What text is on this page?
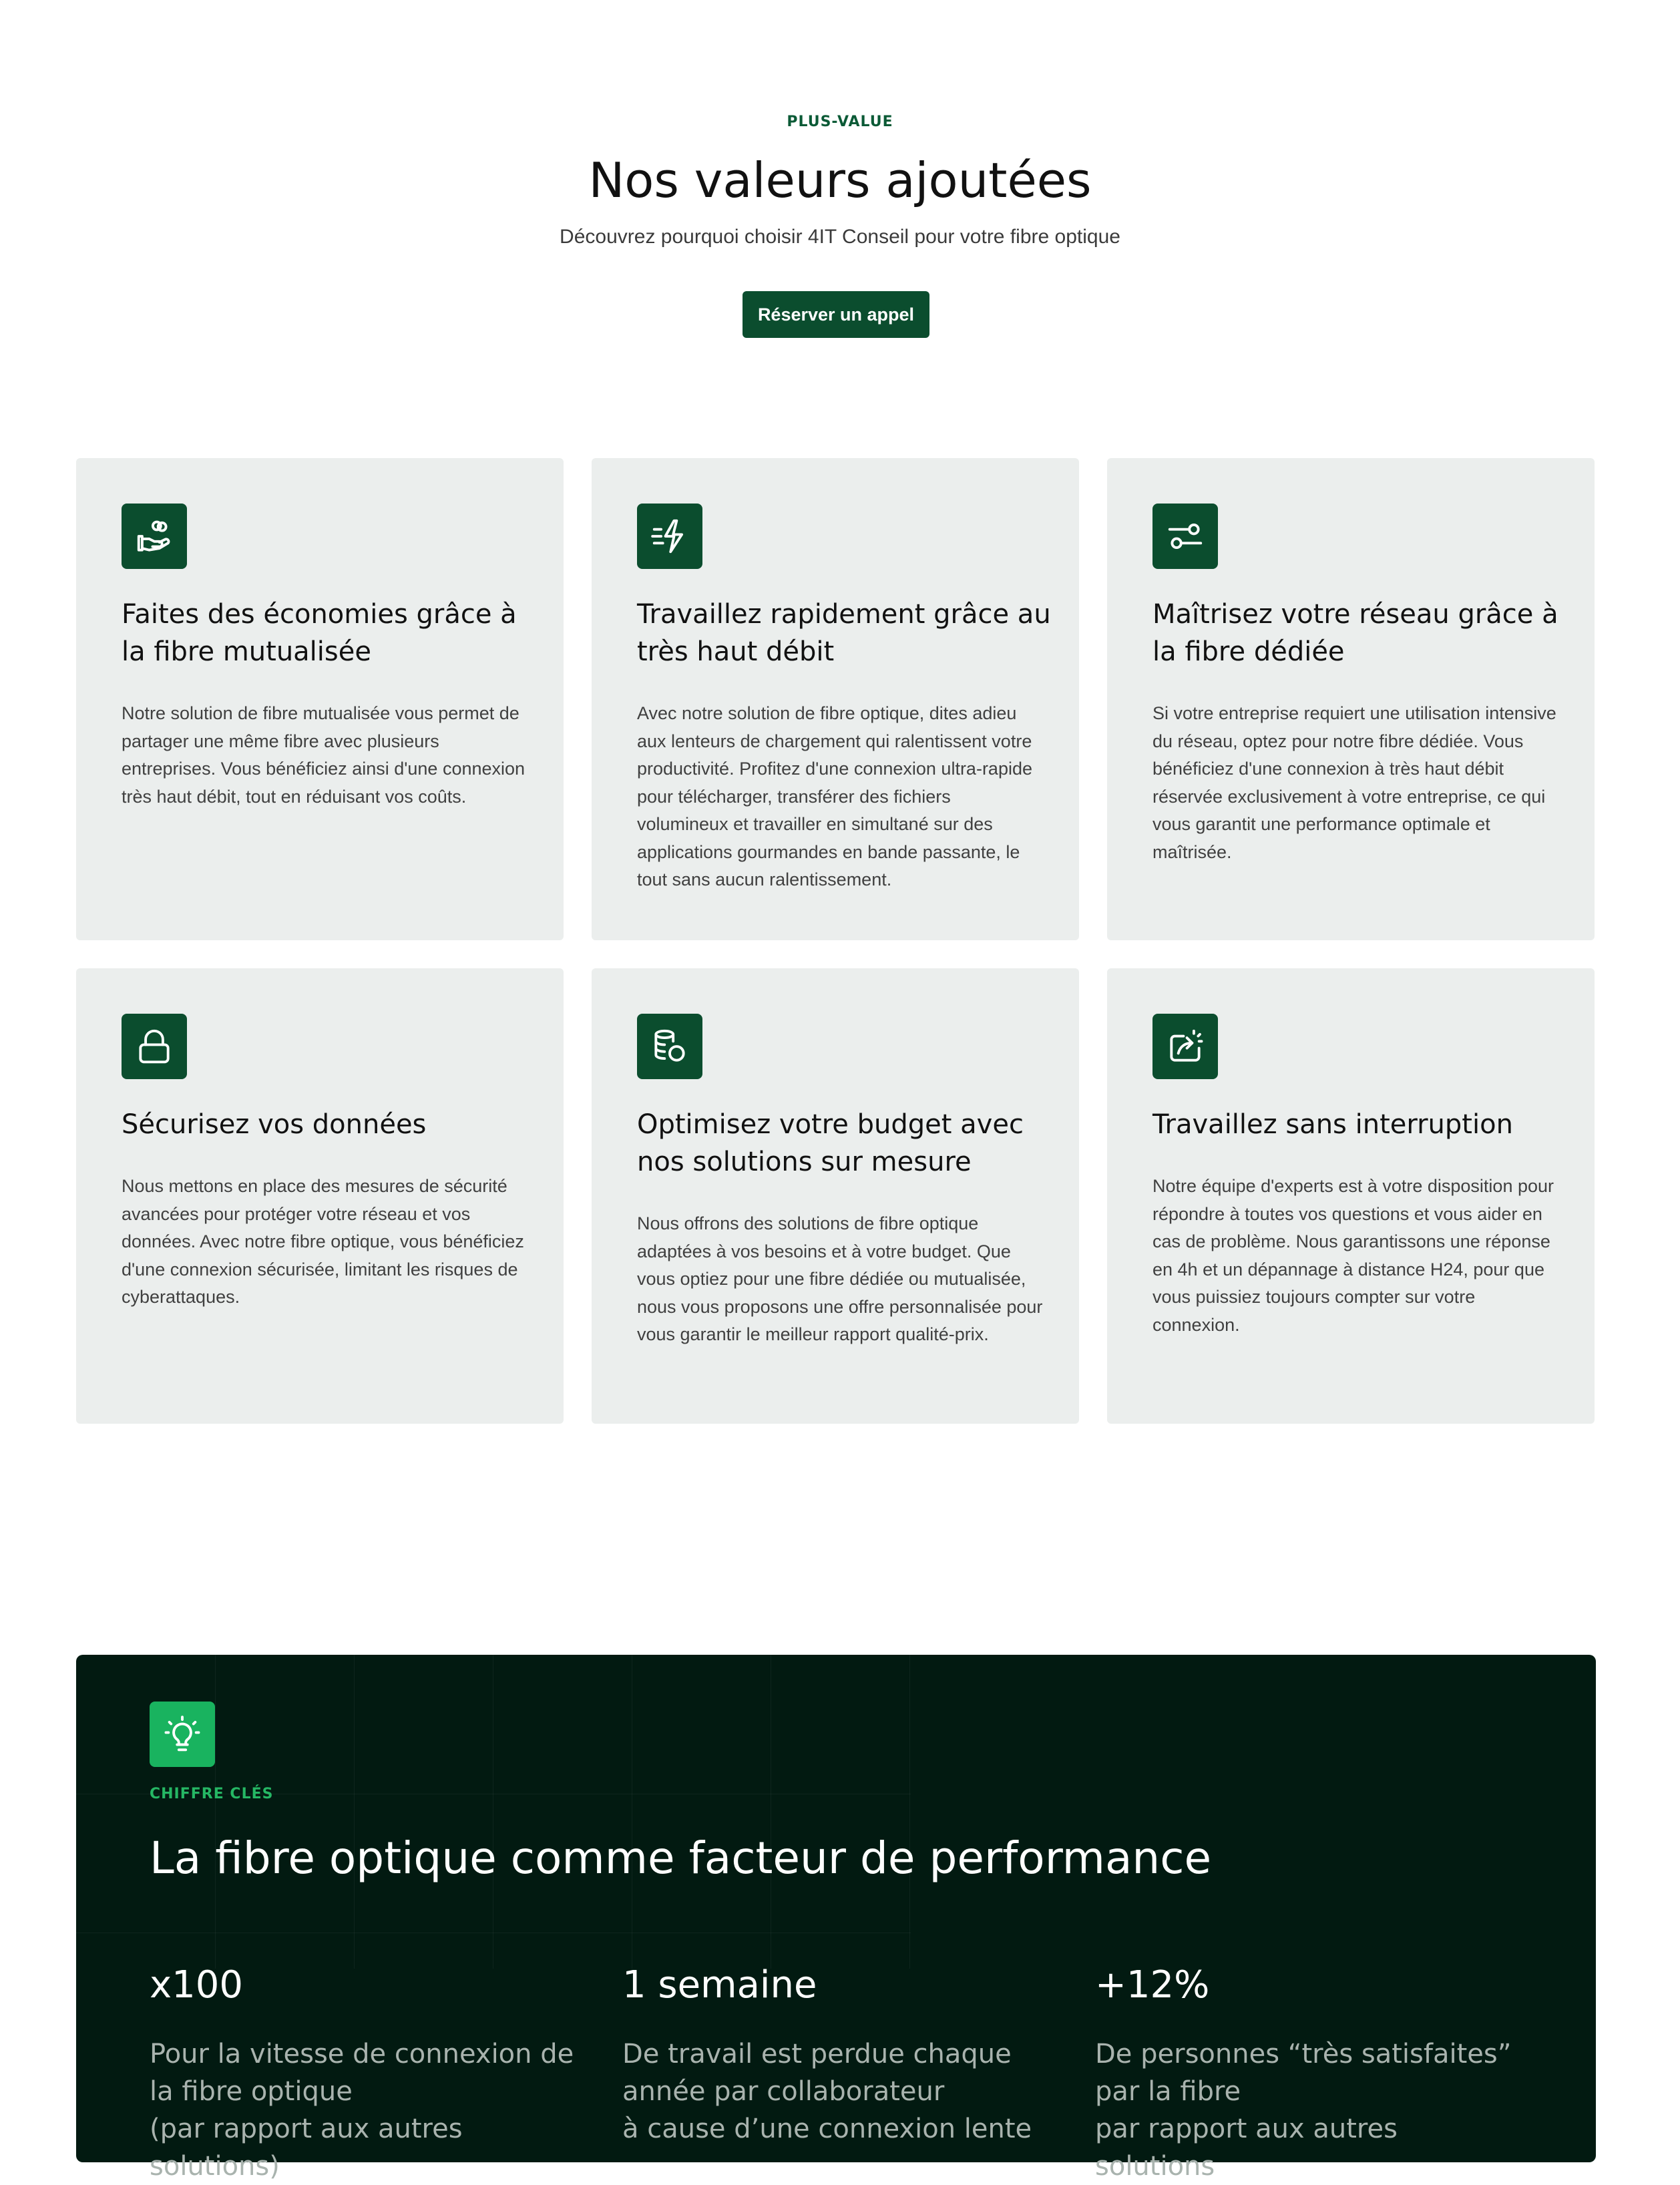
PLUS-VALUE
Nos valeurs ajoutées
Découvrez pourquoi choisir 4IT Conseil pour votre fibre optique
Réserver un appel
Faites des économies grâce à la fibre mutualisée

Notre solution de fibre mutualisée vous permet de partager une même fibre avec plusieurs entreprises. Vous bénéficiez ainsi d'une connexion très haut débit, tout en réduisant vos coûts.

Travaillez rapidement grâce au très haut débit

Avec notre solution de fibre optique, dites adieu aux lenteurs de chargement qui ralentissent votre productivité. Profitez d'une connexion ultra-rapide pour télécharger, transférer des fichiers volumineux et travailler en simultané sur des applications gourmandes en bande passante, le tout sans aucun ralentissement.

Maîtrisez votre réseau grâce à la fibre dédiée

Si votre entreprise requiert une utilisation intensive du réseau, optez pour notre fibre dédiée. Vous bénéficiez d'une connexion à très haut débit réservée exclusivement à votre entreprise, ce qui vous garantit une performance optimale et maîtrisée.

Sécurisez vos données

Nous mettons en place des mesures de sécurité avancées pour protéger votre réseau et vos données. Avec notre fibre optique, vous bénéficiez d'une connexion sécurisée, limitant les risques de cyberattaques.

Optimisez votre budget avec nos solutions sur mesure

Nous offrons des solutions de fibre optique adaptées à vos besoins et à votre budget. Que vous optiez pour une fibre dédiée ou mutualisée, nous vous proposons une offre personnalisée pour vous garantir le meilleur rapport qualité-prix.

Travaillez sans interruption

Notre équipe d'experts est à votre disposition pour répondre à toutes vos questions et vous aider en cas de problème. Nous garantissons une réponse en 4h et un dépannage à distance H24, pour que vous puissiez toujours compter sur votre connexion.

CHIFFRE CLÉS
La fibre optique comme facteur de performance
x100
Pour la vitesse de connexion de
la fibre optique
(par rapport aux autres solutions)
1 semaine
De travail est perdue chaque
année par collaborateur
à cause d’une connexion lente
+12%
De personnes “très satisfaites”
par la fibre
par rapport aux autres solutions
